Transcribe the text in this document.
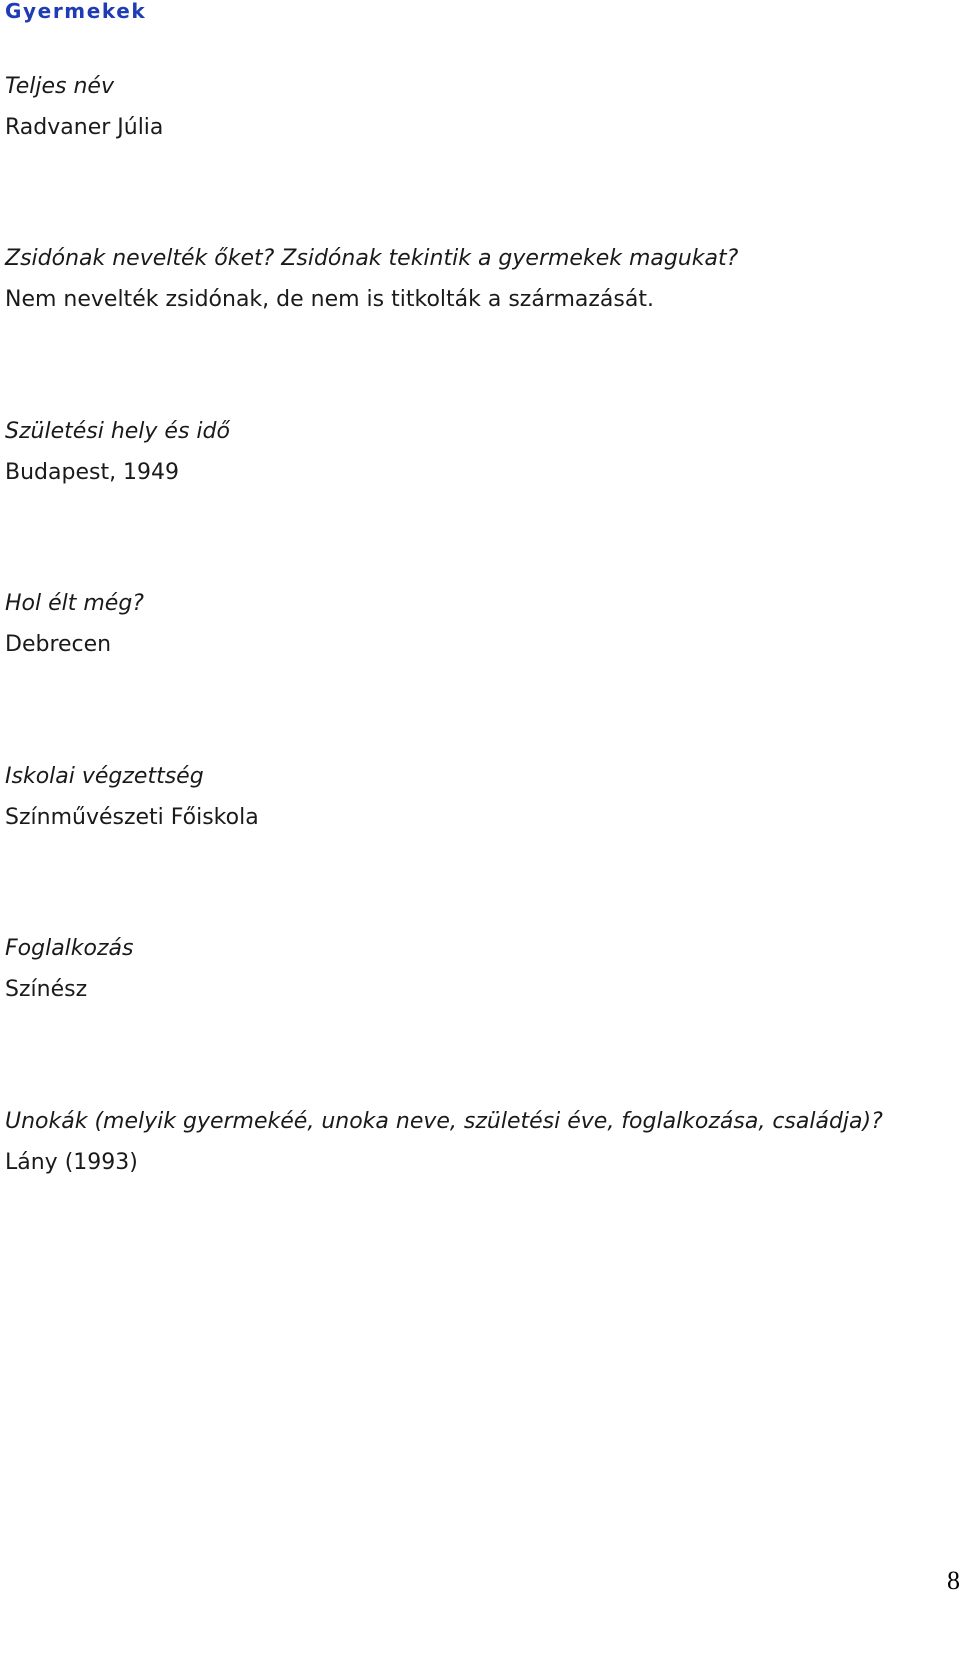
Gyermekek
Teljes név
Radvaner Júlia
Zsidónak nevelték őket? Zsidónak tekintik a gyermekek magukat?
Nem nevelték zsidónak, de nem is titkolták a származását.
Születési hely és idő
Budapest, 1949
Hol élt még?
Debrecen
Iskolai végzettség
Színművészeti Főiskola
Foglalkozás
Színész
Unokák (melyik gyermekéé, unoka neve, születési éve, foglalkozása, családja)?
Lány (1993)
8
